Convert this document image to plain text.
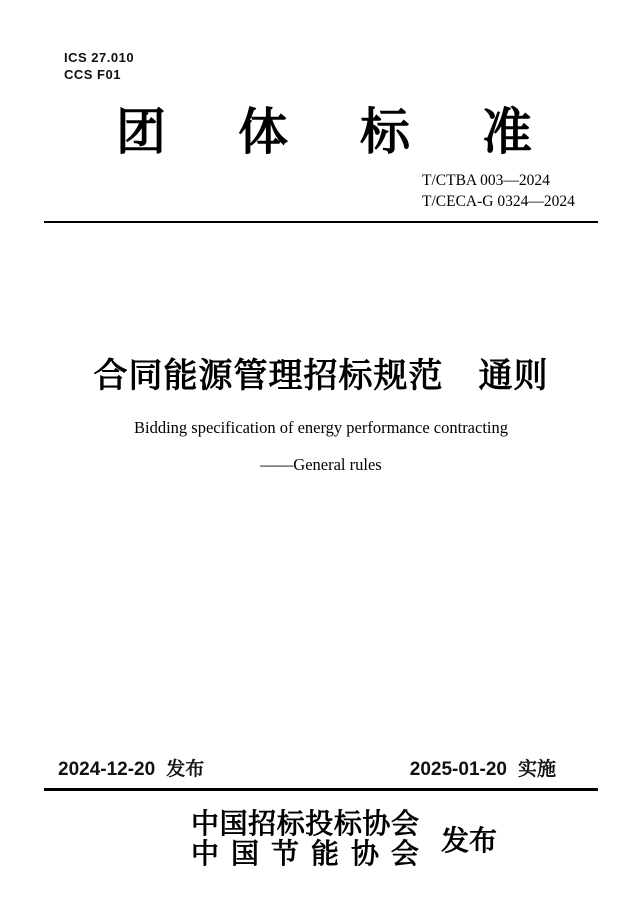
ICS 27.010
CCS F01
团 体 标 准
T/CTBA 003—2024
T/CECA-G 0324—2024
合同能源管理招标规范　通则
Bidding specification of energy performance contracting
——General rules
2024-12-20 发布	2025-01-20 实施
中 国 招 标 投 标 协 会
中 国 节 能 协 会 发布
